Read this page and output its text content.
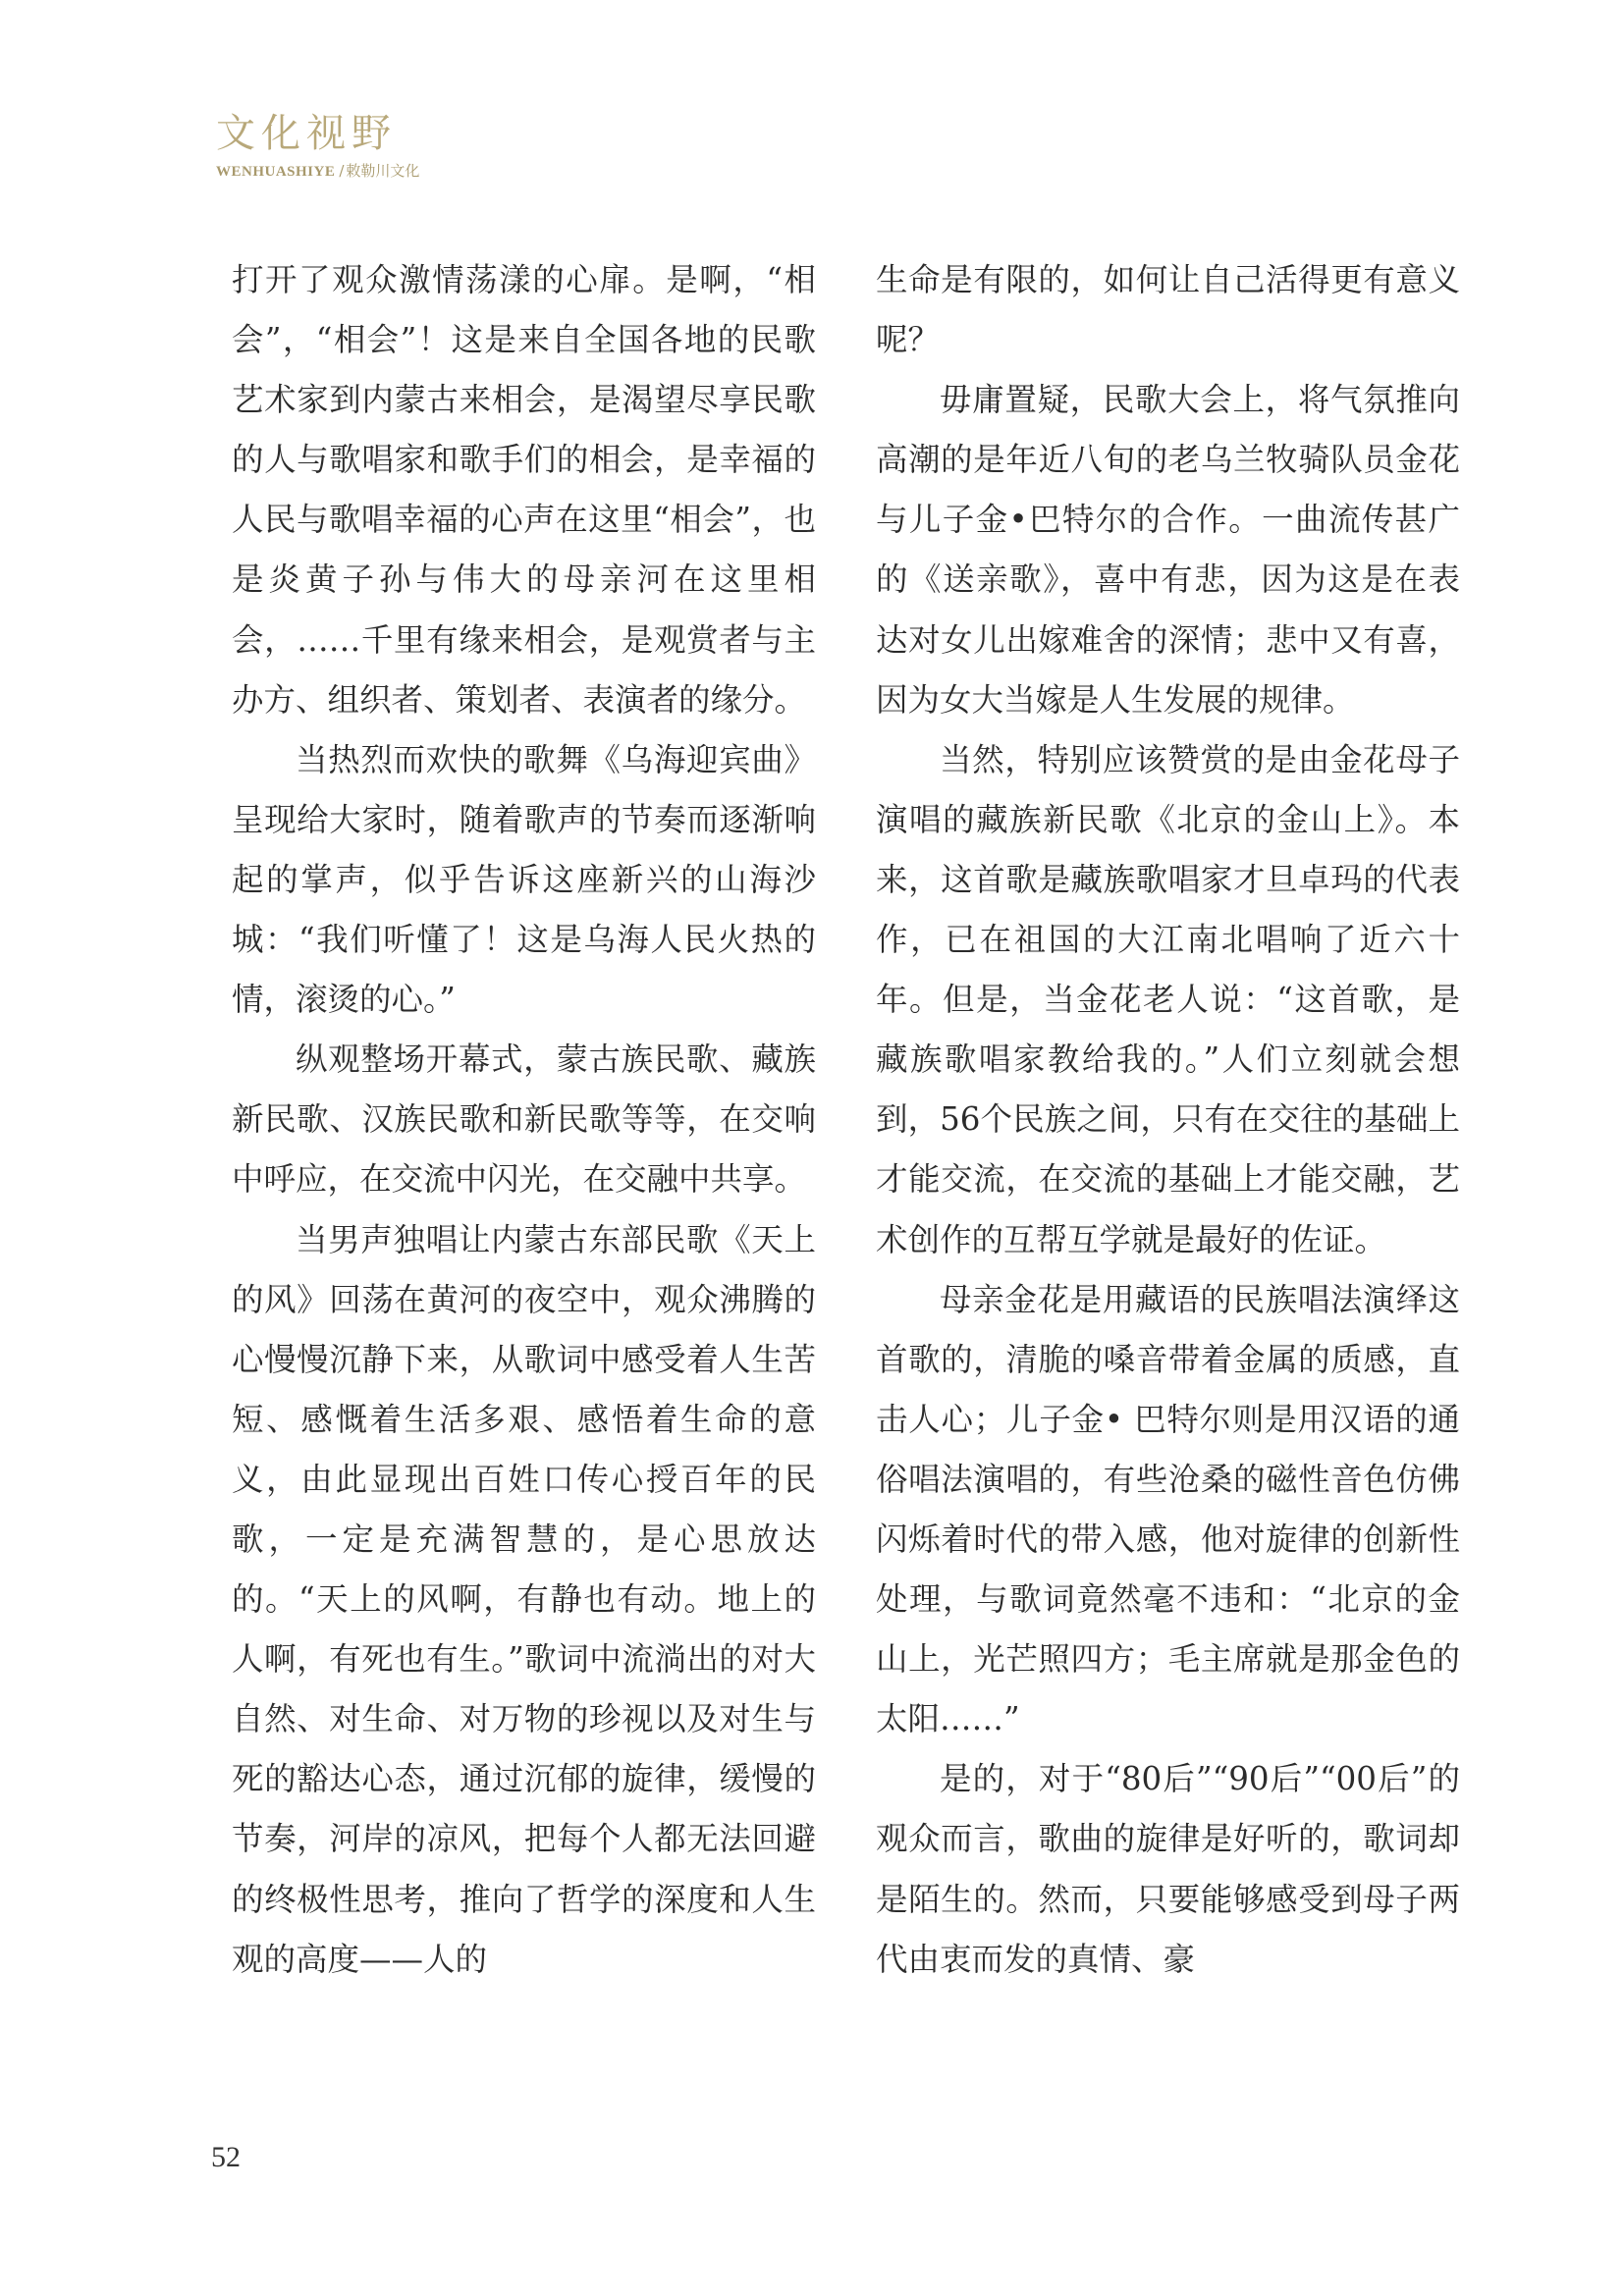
文化视野
WENHUASHIYE / 敕勒川文化

打开了观众激情荡漾的心扉。是啊，“相会”，“相会”！这是来自全国各地的民歌艺术家到内蒙古来相会，是渴望尽享民歌的人与歌唱家和歌手们的相会，是幸福的人民与歌唱幸福的心声在这里“相会”，也是炎黄子孙与伟大的母亲河在这里相会，……千里有缘来相会，是观赏者与主办方、组织者、策划者、表演者的缘分。

当热烈而欢快的歌舞《乌海迎宾曲》呈现给大家时，随着歌声的节奏而逐渐响起的掌声，似乎告诉这座新兴的山海沙城：“我们听懂了！这是乌海人民火热的情，滚烫的心。”

纵观整场开幕式，蒙古族民歌、藏族新民歌、汉族民歌和新民歌等等，在交响中呼应，在交流中闪光，在交融中共享。

当男声独唱让内蒙古东部民歌《天上的风》回荡在黄河的夜空中，观众沸腾的心慢慢沉静下来，从歌词中感受着人生苦短、感慨着生活多艰、感悟着生命的意义，由此显现出百姓口传心授百年的民歌，一定是充满智慧的，是心思放达的。“天上的风啊，有静也有动。地上的人啊，有死也有生。”歌词中流淌出的对大自然、对生命、对万物的珍视以及对生与死的豁达心态，通过沉郁的旋律，缓慢的节奏，河岸的凉风，把每个人都无法回避的终极性思考，推向了哲学的深度和人生观的高度——人的

生命是有限的，如何让自己活得更有意义呢？

毋庸置疑，民歌大会上，将气氛推向高潮的是年近八旬的老乌兰牧骑队员金花与儿子金•巴特尔的合作。一曲流传甚广的《送亲歌》，喜中有悲，因为这是在表达对女儿出嫁难舍的深情；悲中又有喜，因为女大当嫁是人生发展的规律。

当然，特别应该赞赏的是由金花母子演唱的藏族新民歌《北京的金山上》。本来，这首歌是藏族歌唱家才旦卓玛的代表作，已在祖国的大江南北唱响了近六十年。但是，当金花老人说：“这首歌，是藏族歌唱家教给我的。”人们立刻就会想到，56个民族之间，只有在交往的基础上才能交流，在交流的基础上才能交融，艺术创作的互帮互学就是最好的佐证。

母亲金花是用藏语的民族唱法演绎这首歌的，清脆的嗓音带着金属的质感，直击人心；儿子金• 巴特尔则是用汉语的通俗唱法演唱的，有些沧桑的磁性音色仿佛闪烁着时代的带入感，他对旋律的创新性处理，与歌词竟然毫不违和：“北京的金山上，光芒照四方；毛主席就是那金色的太阳……”

是的，对于“80后”“90后”“00后”的观众而言，歌曲的旋律是好听的，歌词却是陌生的。然而，只要能够感受到母子两代由衷而发的真情、豪

52
